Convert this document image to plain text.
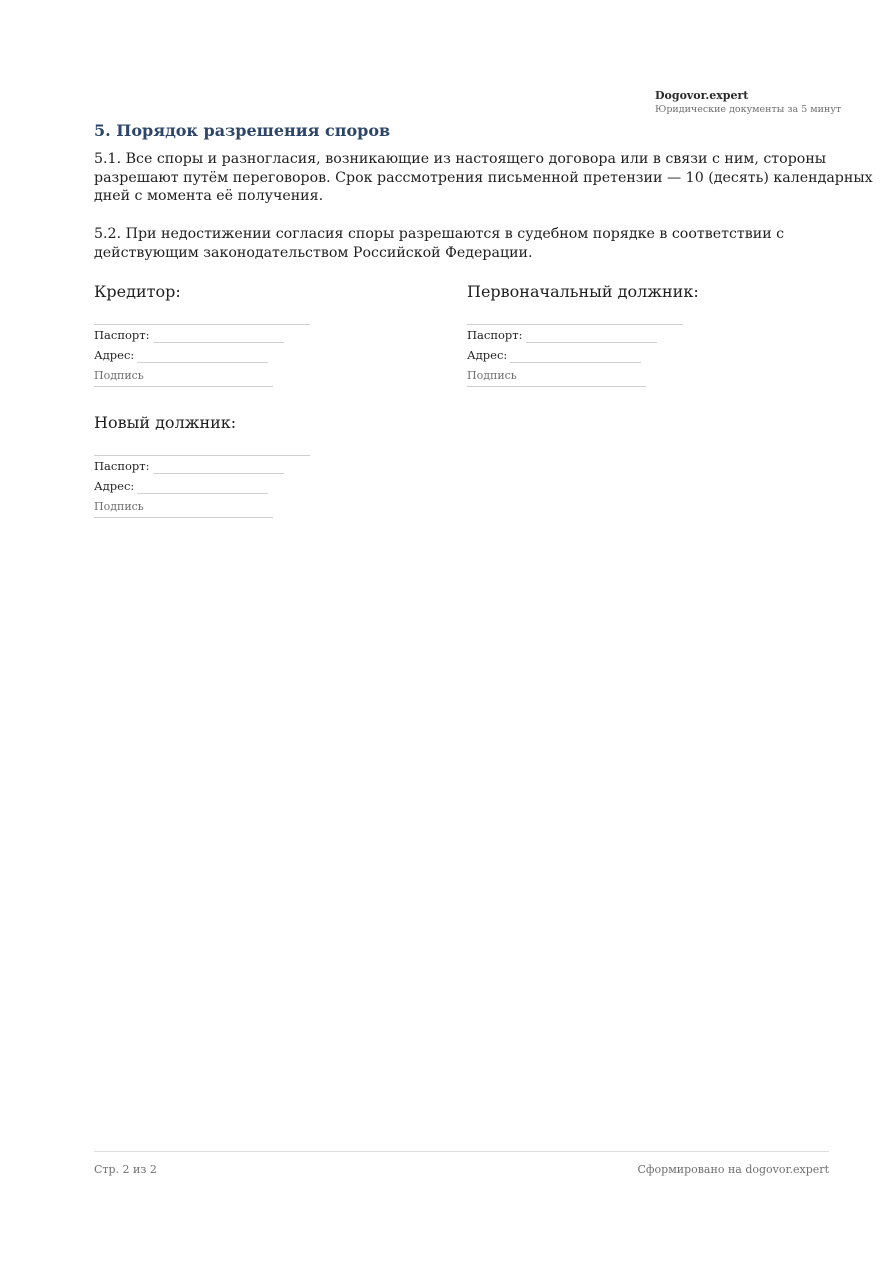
Dogovor.expert
Юридические документы за 5 минут
5. Порядок разрешения споров

5.1. Все споры и разногласия, возникающие из настоящего договора или в связи с ним, стороны разрешают путём переговоров. Срок рассмотрения письменной претензии — 10 (десять) календарных дней с момента её получения.

5.2. При недостижении согласия споры разрешаются в судебном порядке в соответствии с действующим законодательством Российской Федерации.

Кредитор:
Паспорт:
Адрес:
Подпись
Первоначальный должник:
Паспорт:
Адрес:
Подпись
Новый должник:
Паспорт:
Адрес:
Подпись
Стр. 2 из 2	Сформировано на dogovor.expert
